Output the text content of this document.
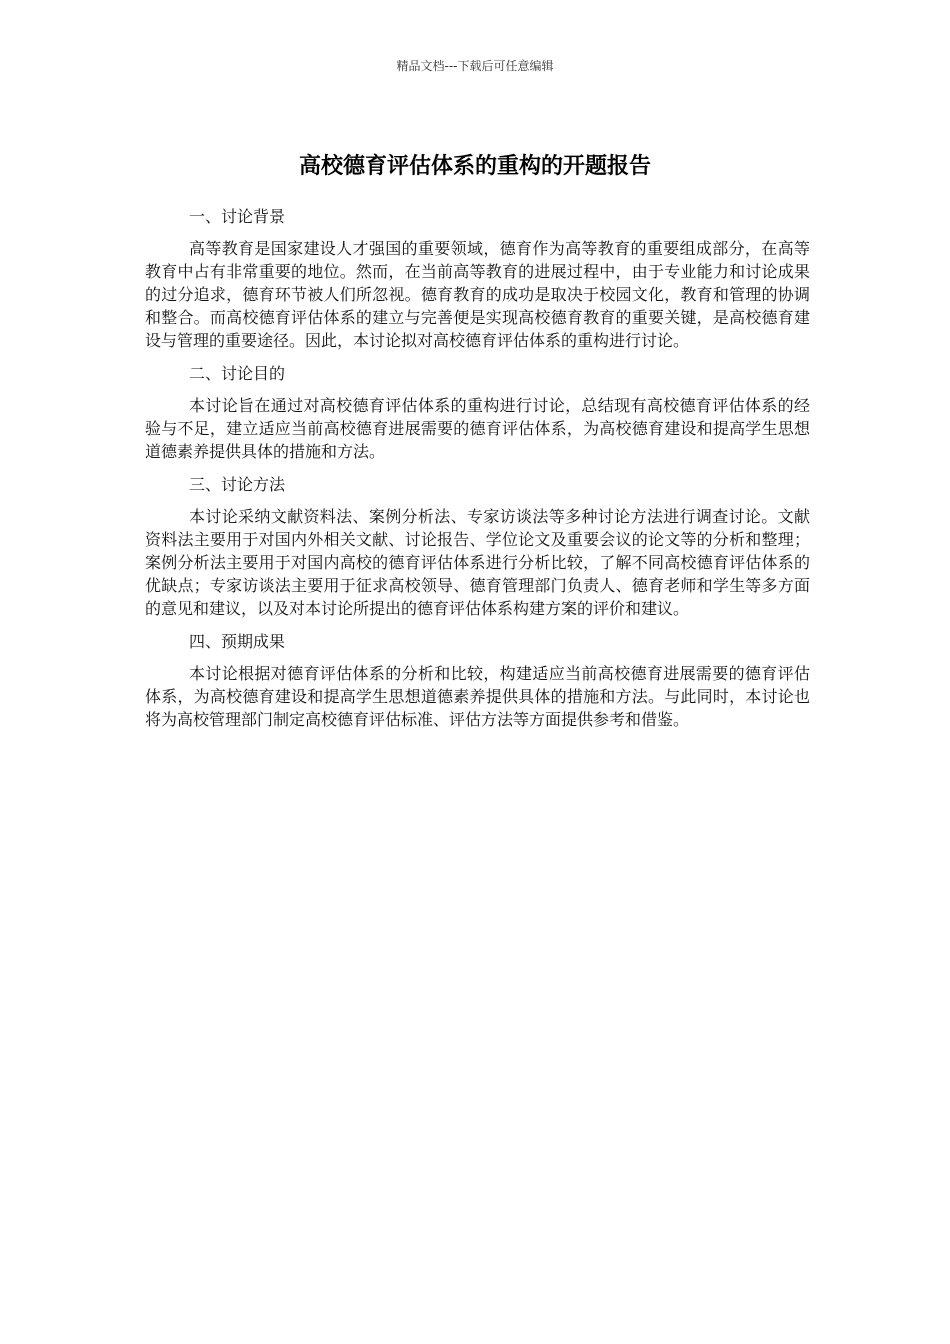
精品文档---下载后可任意编辑
高校德育评估体系的重构的开题报告

一、讨论背景

高等教育是国家建设人才强国的重要领域，德育作为高等教育的重要组成部分，在高等教育中占有非常重要的地位。然而，在当前高等教育的进展过程中，由于专业能力和讨论成果的过分追求，德育环节被人们所忽视。德育教育的成功是取决于校园文化，教育和管理的协调和整合。而高校德育评估体系的建立与完善便是实现高校德育教育的重要关键，是高校德育建设与管理的重要途径。因此，本讨论拟对高校德育评估体系的重构进行讨论。

二、讨论目的

本讨论旨在通过对高校德育评估体系的重构进行讨论，总结现有高校德育评估体系的经验与不足，建立适应当前高校德育进展需要的德育评估体系，为高校德育建设和提高学生思想道德素养提供具体的措施和方法。

三、讨论方法

本讨论采纳文献资料法、案例分析法、专家访谈法等多种讨论方法进行调查讨论。文献资料法主要用于对国内外相关文献、讨论报告、学位论文及重要会议的论文等的分析和整理；案例分析法主要用于对国内高校的德育评估体系进行分析比较，了解不同高校德育评估体系的优缺点；专家访谈法主要用于征求高校领导、德育管理部门负责人、德育老师和学生等多方面的意见和建议，以及对本讨论所提出的德育评估体系构建方案的评价和建议。

四、预期成果

本讨论根据对德育评估体系的分析和比较，构建适应当前高校德育进展需要的德育评估体系，为高校德育建设和提高学生思想道德素养提供具体的措施和方法。与此同时，本讨论也将为高校管理部门制定高校德育评估标准、评估方法等方面提供参考和借鉴。
